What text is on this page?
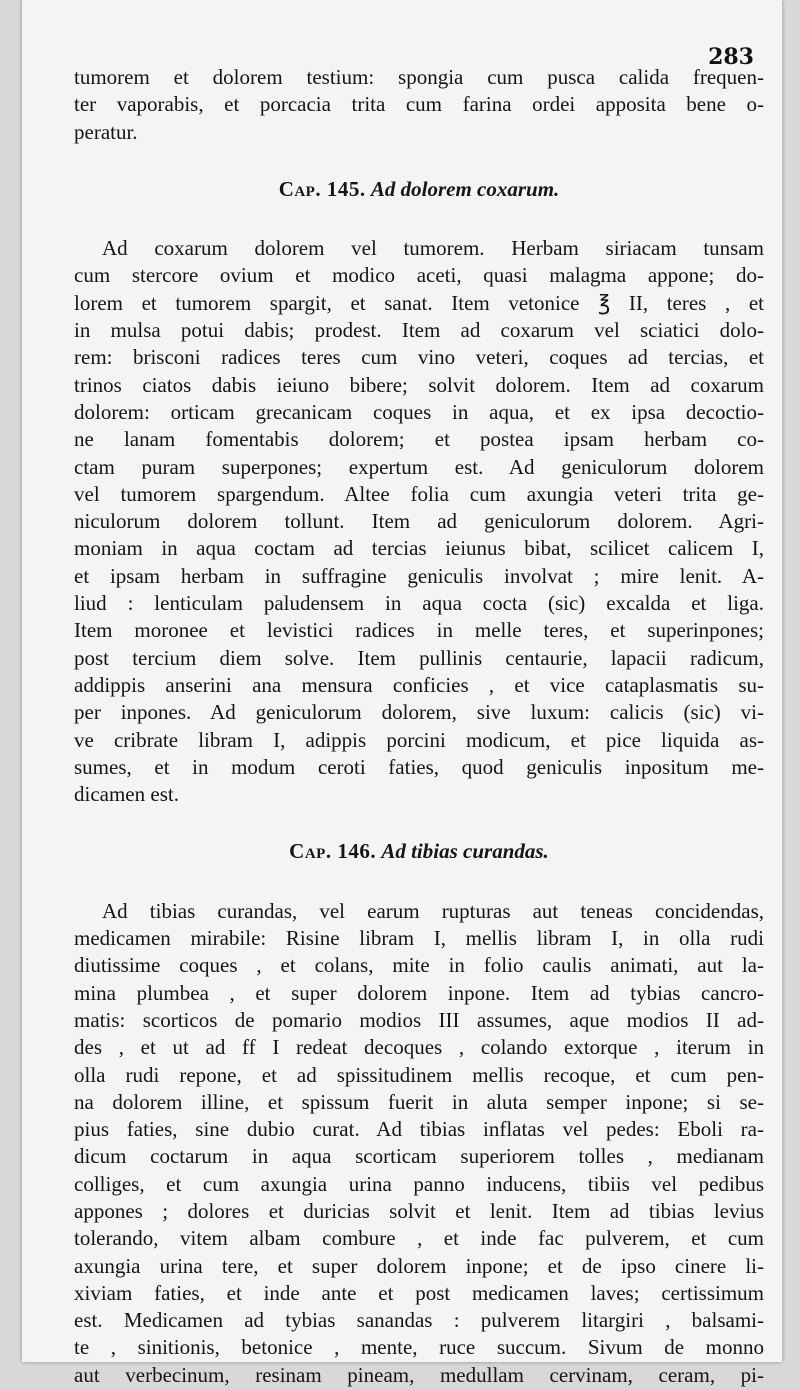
283
tumorem et dolorem testium: spongia cum pusca calida frequen-
ter vaporabis, et porcacia trita cum farina ordei apposita bene o-
peratur.
Cap. 145. Ad dolorem coxarum.
Ad coxarum dolorem vel tumorem. Herbam siriacam tunsam
cum stercore ovium et modico aceti, quasi malagma appone; do-
lorem et tumorem spargit, et sanat. Item vetonice ℥ II, teres , et
in mulsa potui dabis; prodest. Item ad coxarum vel sciatici dolo-
rem: brisconi radices teres cum vino veteri, coques ad tercias, et
trinos ciatos dabis ieiuno bibere; solvit dolorem. Item ad coxarum
dolorem: orticam grecanicam coques in aqua, et ex ipsa decoctio-
ne lanam fomentabis dolorem; et postea ipsam herbam co-
ctam puram superpones; expertum est. Ad geniculorum dolorem
vel tumorem spargendum. Altee folia cum axungia veteri trita ge-
niculorum dolorem tollunt. Item ad geniculorum dolorem. Agri-
moniam in aqua coctam ad tercias ieiunus bibat, scilicet calicem I,
et ipsam herbam in suffragine geniculis involvat ; mire lenit. A-
liud : lenticulam paludensem in aqua cocta (sic) excalda et liga.
Item moronee et levistici radices in melle teres, et superinpones;
post tercium diem solve. Item pullinis centaurie, lapacii radicum,
addippis anserini ana mensura conficies , et vice cataplasmatis su-
per inpones. Ad geniculorum dolorem, sive luxum: calicis (sic) vi-
ve cribrate libram I, adippis porcini modicum, et pice liquida as-
sumes, et in modum ceroti faties, quod geniculis inpositum me-
dicamen est.
Cap. 146. Ad tibias curandas.
Ad tibias curandas, vel earum rupturas aut teneas concidendas,
medicamen mirabile: Risine libram I, mellis libram I, in olla rudi
diutissime coques , et colans, mite in folio caulis animati, aut la-
mina plumbea , et super dolorem inpone. Item ad tybias cancro-
matis: scorticos de pomario modios III assumes, aque modios II ad-
des , et ut ad ff I redeat decoques , colando extorque , iterum in
olla rudi repone, et ad spissitudinem mellis recoque, et cum pen-
na dolorem illine, et spissum fuerit in aluta semper inpone; si se-
pius faties, sine dubio curat. Ad tibias inflatas vel pedes: Eboli ra-
dicum coctarum in aqua scorticam superiorem tolles , medianam
colliges, et cum axungia urina panno inducens, tibiis vel pedibus
appones ; dolores et duricias solvit et lenit. Item ad tibias levius
tolerando, vitem albam combure , et inde fac pulverem, et cum
axungia urina tere, et super dolorem inpone; et de ipso cinere li-
xiviam faties, et inde ante et post medicamen laves; certissimum
est. Medicamen ad tybias sanandas : pulverem litargiri , balsami-
te , sinitionis, betonice , mente, ruce succum. Sivum de monno
aut verbecinum, resinam pineam, medullam cervinam, ceram, pi-
